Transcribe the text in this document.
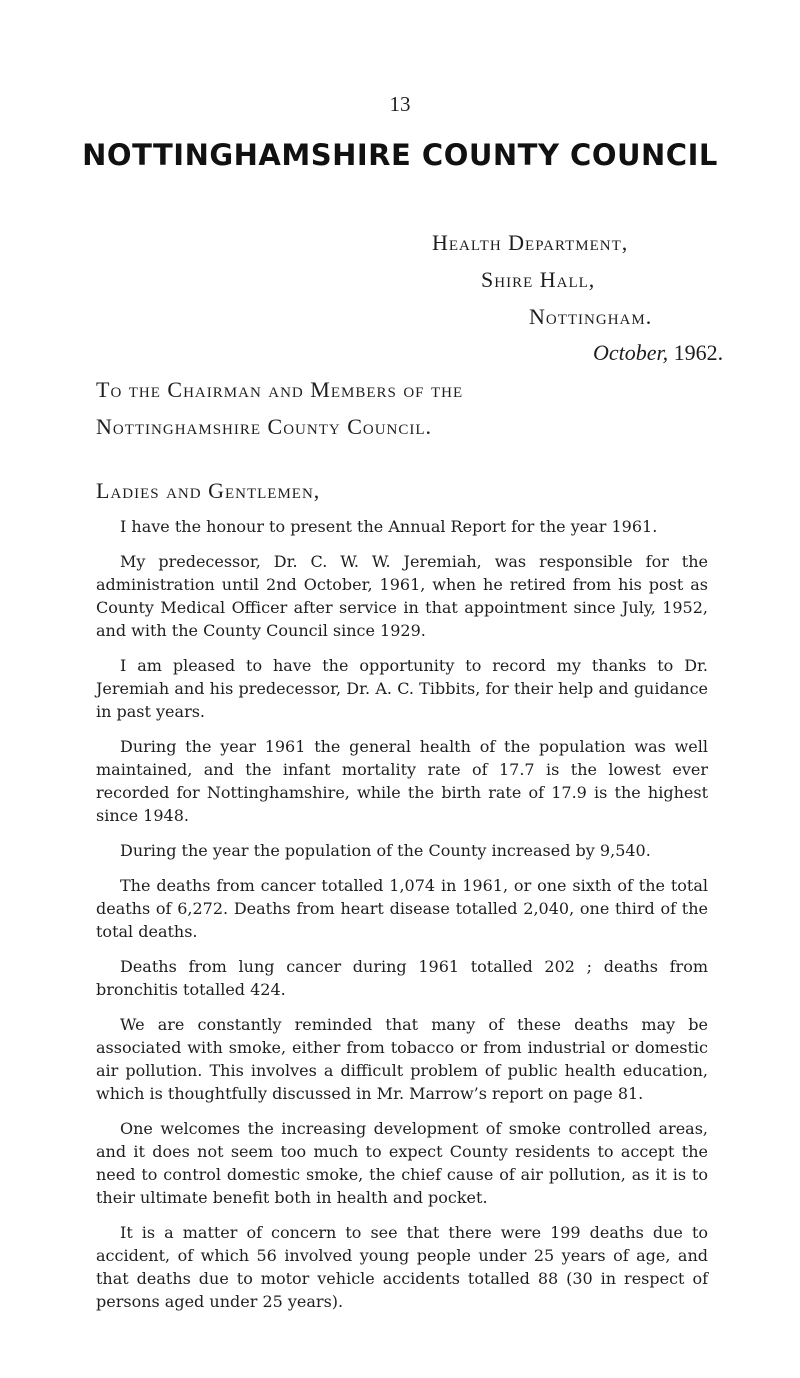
13
NOTTINGHAMSHIRE COUNTY COUNCIL
Health Department,
Shire Hall,
Nottingham.
October, 1962.
To the Chairman and Members of the
Nottinghamshire County Council.
Ladies and Gentlemen,

I have the honour to present the Annual Report for the year 1961.

My predecessor, Dr. C. W. W. Jeremiah, was responsible for the administration until 2nd October, 1961, when he retired from his post as County Medical Officer after service in that appointment since July, 1952, and with the County Council since 1929.

I am pleased to have the opportunity to record my thanks to Dr. Jeremiah and his predecessor, Dr. A. C. Tibbits, for their help and guidance in past years.

During the year 1961 the general health of the population was well maintained, and the infant mortality rate of 17.7 is the lowest ever recorded for Nottinghamshire, while the birth rate of 17.9 is the highest since 1948.

During the year the population of the County increased by 9,540.

The deaths from cancer totalled 1,074 in 1961, or one sixth of the total deaths of 6,272. Deaths from heart disease totalled 2,040, one third of the total deaths.

Deaths from lung cancer during 1961 totalled 202 ; deaths from bronchitis totalled 424.

We are constantly reminded that many of these deaths may be associated with smoke, either from tobacco or from industrial or domestic air pollution. This involves a difficult problem of public health education, which is thoughtfully discussed in Mr. Marrow’s report on page 81.

One welcomes the increasing development of smoke controlled areas, and it does not seem too much to expect County residents to accept the need to control domestic smoke, the chief cause of air pollution, as it is to their ultimate benefit both in health and pocket.

It is a matter of concern to see that there were 199 deaths due to accident, of which 56 involved young people under 25 years of age, and that deaths due to motor vehicle accidents totalled 88 (30 in respect of persons aged under 25 years).
